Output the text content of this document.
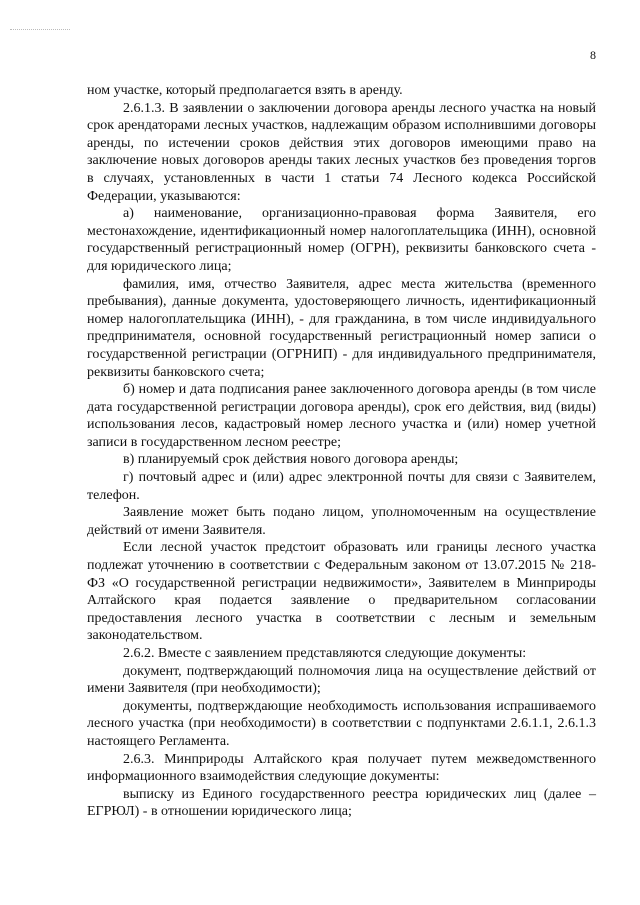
8

ном участке, который предполагается взять в аренду.

2.6.1.3. В заявлении о заключении договора аренды лесного участка на новый срок арендаторами лесных участков, надлежащим образом исполнившими договоры аренды, по истечении сроков действия этих договоров имеющими право на заключение новых договоров аренды таких лесных участков без проведения торгов в случаях, установленных в части 1 статьи 74 Лесного кодекса Российской Федерации, указываются:

а) наименование, организационно-правовая форма Заявителя, его местонахождение, идентификационный номер налогоплательщика (ИНН), основной государственный регистрационный номер (ОГРН), реквизиты банковского счета - для юридического лица;

фамилия, имя, отчество Заявителя, адрес места жительства (временного пребывания), данные документа, удостоверяющего личность, идентификационный номер налогоплательщика (ИНН), - для гражданина, в том числе индивидуального предпринимателя, основной государственный регистрационный номер записи о государственной регистрации (ОГРНИП) - для индивидуального предпринимателя, реквизиты банковского счета;

б) номер и дата подписания ранее заключенного договора аренды (в том числе дата государственной регистрации договора аренды), срок его действия, вид (виды) использования лесов, кадастровый номер лесного участка и (или) номер учетной записи в государственном лесном реестре;

в) планируемый срок действия нового договора аренды;

г) почтовый адрес и (или) адрес электронной почты для связи с Заявителем, телефон.

Заявление может быть подано лицом, уполномоченным на осуществление действий от имени Заявителя.

Если лесной участок предстоит образовать или границы лесного участка подлежат уточнению в соответствии с Федеральным законом от 13.07.2015 № 218-ФЗ «О государственной регистрации недвижимости», Заявителем в Минприроды Алтайского края подается заявление о предварительном согласовании предоставления лесного участка в соответствии с лесным и земельным законодательством.

2.6.2. Вместе с заявлением представляются следующие документы:

документ, подтверждающий полномочия лица на осуществление действий от имени Заявителя (при необходимости);

документы, подтверждающие необходимость использования испрашиваемого лесного участка (при необходимости) в соответствии с подпунктами 2.6.1.1, 2.6.1.3 настоящего Регламента.

2.6.3. Минприроды Алтайского края получает путем межведомственного информационного взаимодействия следующие документы:

выписку из Единого государственного реестра юридических лиц (далее – ЕГРЮЛ) - в отношении юридического лица;
